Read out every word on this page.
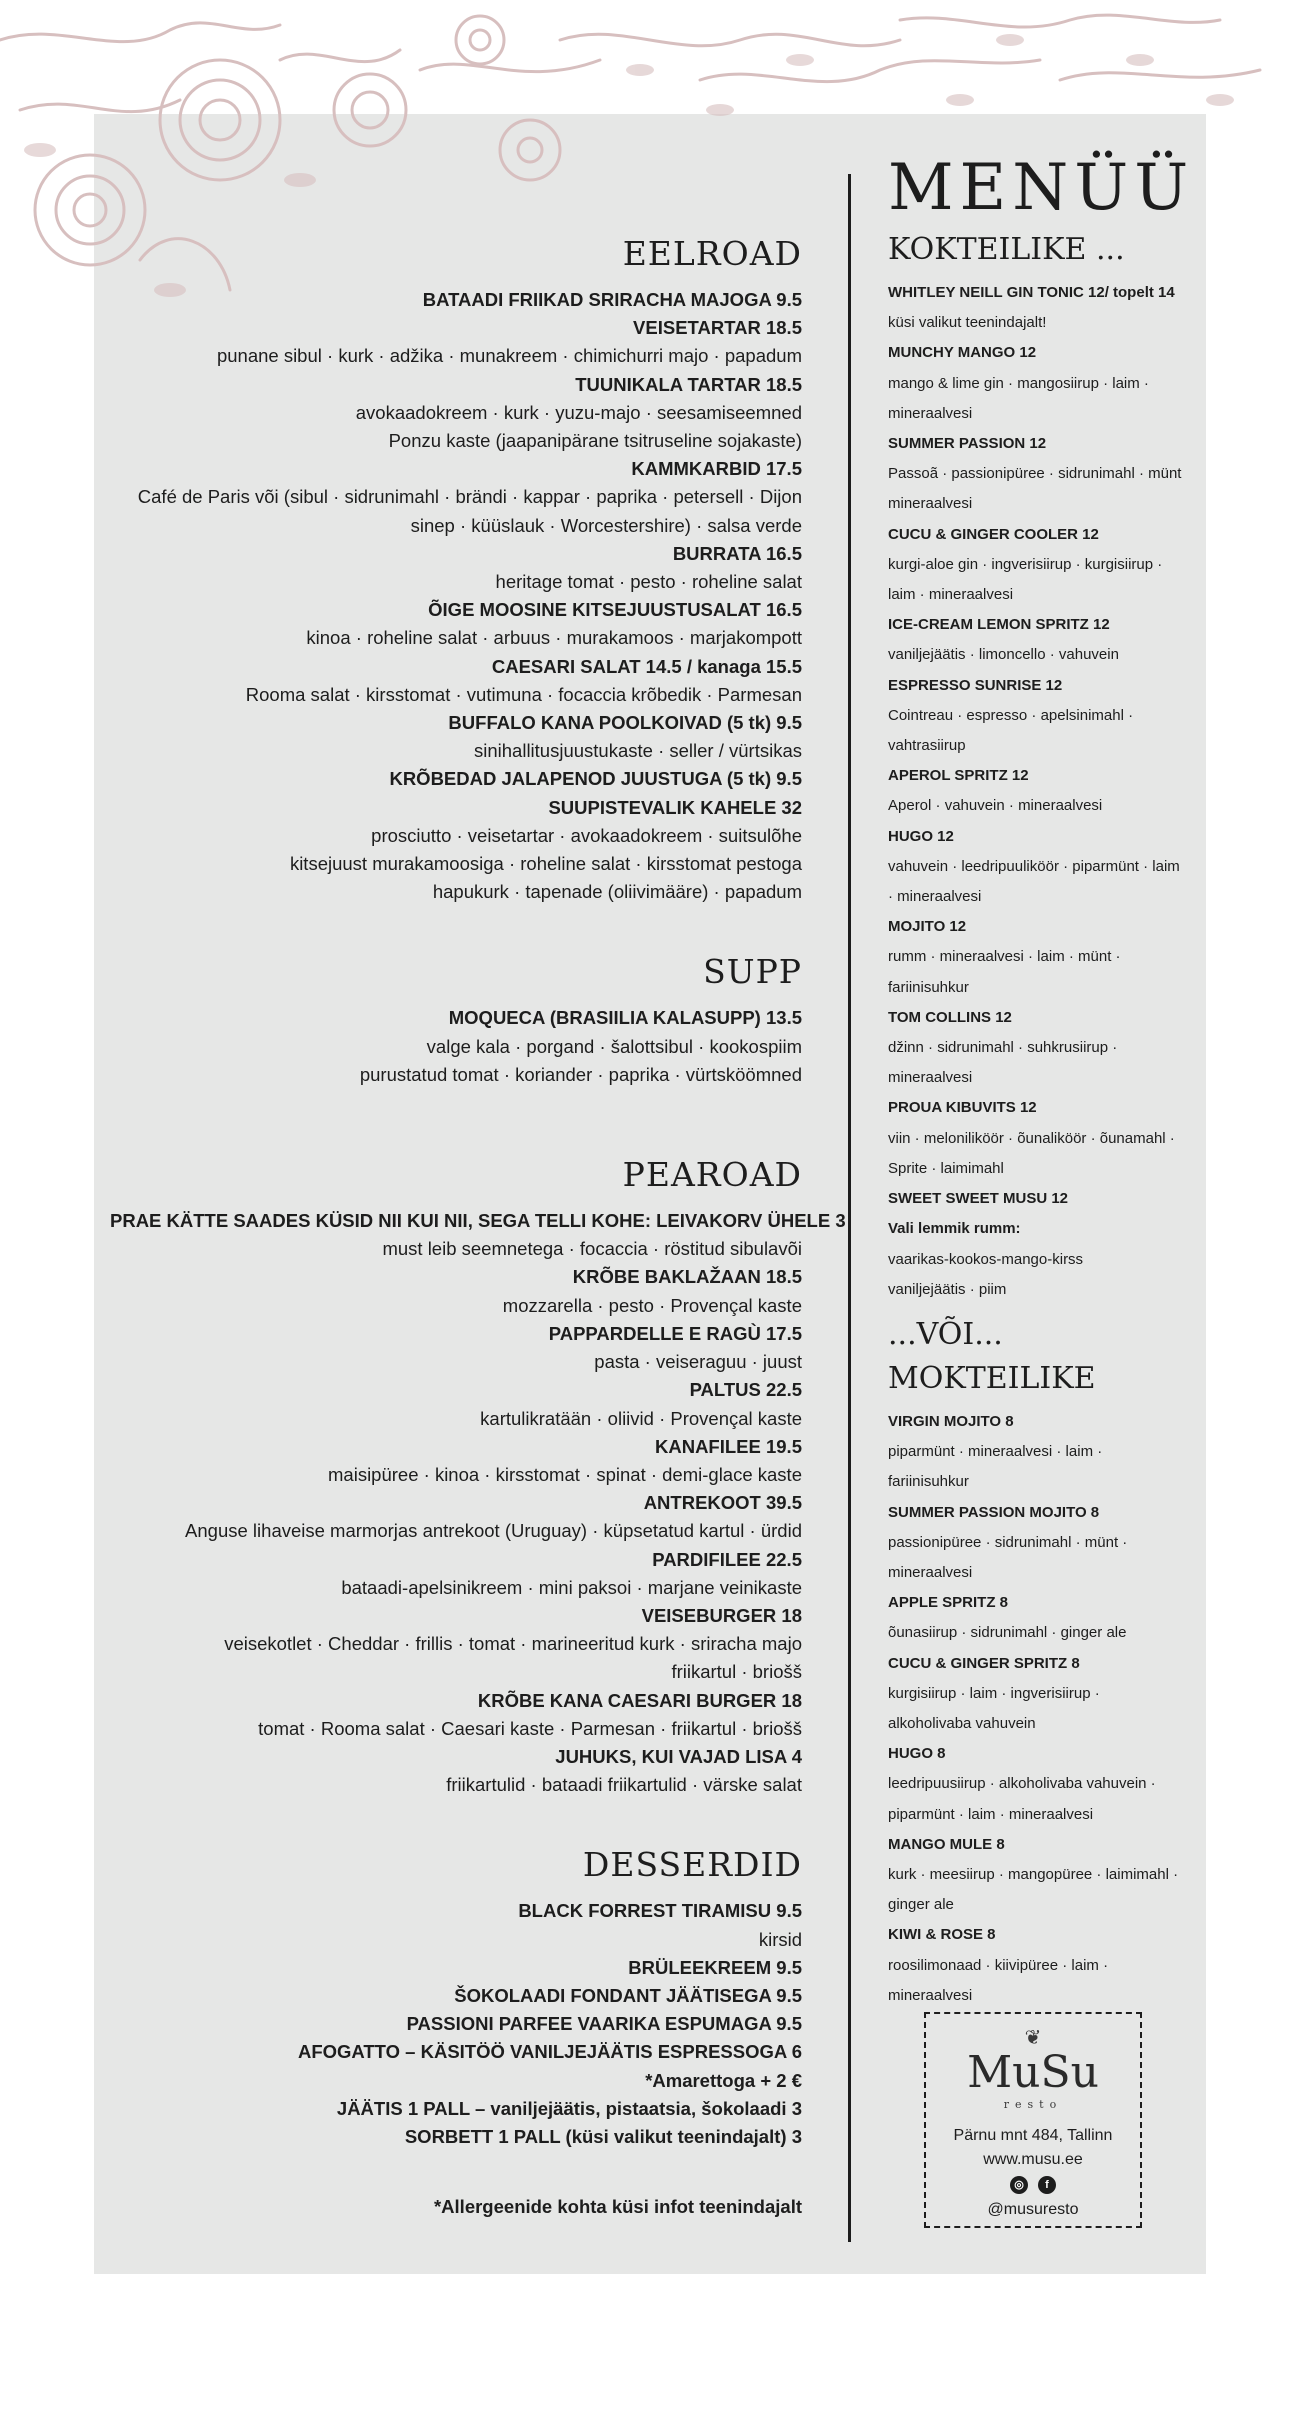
EELROAD
BATAADI FRIIKAD SRIRACHA MAJOGA 9.5
VEISETARTAR 18.5
punane sibul · kurk · adžika · munakreem · chimichurri majo · papadum
TUUNIKALA TARTAR 18.5
avokaadokreem · kurk · yuzu-majo · seesamiseemned
Ponzu kaste (jaapanipärane tsitruseline sojakaste)
KAMMKARBID 17.5
Café de Paris või (sibul · sidrunimahl · brändi · kappar · paprika · petersell · Dijon
sinep · küüslauk · Worcestershire) · salsa verde
BURRATA 16.5
heritage tomat · pesto · roheline salat
ÕIGE MOOSINE KITSEJUUSTUSALAT 16.5
kinoa · roheline salat · arbuus · murakamoos · marjakompott
CAESARI SALAT 14.5 / kanaga 15.5
Rooma salat · kirsstomat · vutimuna · focaccia krõbedik · Parmesan
BUFFALO KANA POOLKOIVAD (5 tk) 9.5
sinihallitusjuustukaste · seller / vürtsikas
KRÕBEDAD JALAPENOD JUUSTUGA (5 tk) 9.5
SUUPISTEVALIK KAHELE 32
prosciutto · veisetartar · avokaadokreem · suitsulõhe
kitsejuust murakamoosiga · roheline salat · kirsstomat pestoga
hapukurk · tapenade (oliivimääre) · papadum
SUPP
MOQUECA (BRASIILIA KALASUPP) 13.5
valge kala · porgand · šalottsibul · kookospiim
purustatud tomat · koriander · paprika · vürtsköömned
PEAROAD
PRAE KÄTTE SAADES KÜSID NII KUI NII, SEGA TELLI KOHE: LEIVAKORV ÜHELE 3
must leib seemnetega · focaccia · röstitud sibulavõi
KRÕBE BAKLAŽAAN 18.5
mozzarella · pesto · Provençal kaste
PAPPARDELLE E RAGÙ 17.5
pasta · veiseraguu · juust
PALTUS 22.5
kartulikratään · oliivid · Provençal kaste
KANAFILEE 19.5
maisipüree · kinoa · kirsstomat · spinat · demi-glace kaste
ANTREKOOT 39.5
Anguse lihaveise marmorjas antrekoot (Uruguay) · küpsetatud kartul · ürdid
PARDIFILEE 22.5
bataadi-apelsinikreem · mini paksoi · marjane veinikaste
VEISEBURGER 18
veisekotlet · Cheddar · frillis · tomat · marineeritud kurk · sriracha majo
friikartul · briošš
KRÕBE KANA CAESARI BURGER 18
tomat · Rooma salat · Caesari kaste · Parmesan · friikartul · briošš
JUHUKS, KUI VAJAD LISA 4
friikartulid · bataadi friikartulid · värske salat
DESSERDID
BLACK FORREST TIRAMISU 9.5
kirsid
BRÜLEEKREEM 9.5
ŠOKOLAADI FONDANT JÄÄTISEGA 9.5
PASSIONI PARFEE VAARIKA ESPUMAGA 9.5
AFOGATTO – KÄSITÖÖ VANILJEJÄÄTIS ESPRESSOGA 6
*Amarettoga + 2 €
JÄÄTIS 1 PALL – vaniljejäätis, pistaatsia, šokolaadi 3
SORBETT 1 PALL (küsi valikut teenindajalt) 3
*Allergeenide kohta küsi infot teenindajalt
MENÜÜ
KOKTEILIKE ...
WHITLEY NEILL GIN TONIC 12/ topelt 14
küsi valikut teenindajalt!
MUNCHY MANGO 12
mango & lime gin · mangosiirup · laim ·
mineraalvesi
SUMMER PASSION 12
Passoã · passionipüree · sidrunimahl · münt
mineraalvesi
CUCU & GINGER COOLER 12
kurgi-aloe gin · ingverisiirup · kurgisiirup ·
laim · mineraalvesi
ICE-CREAM LEMON SPRITZ 12
vaniljejäätis · limoncello · vahuvein
ESPRESSO SUNRISE 12
Cointreau · espresso · apelsinimahl ·
vahtrasiirup
APEROL SPRITZ 12
Aperol · vahuvein · mineraalvesi
HUGO 12
vahuvein · leedripuuliköör · piparmünt · laim
· mineraalvesi
MOJITO 12
rumm · mineraalvesi · laim · münt ·
fariinisuhkur
TOM COLLINS 12
džinn · sidrunimahl · suhkrusiirup ·
mineraalvesi
PROUA KIBUVITS 12
viin · meloniliköör · õunaliköör · õunamahl ·
Sprite · laimimahl
SWEET SWEET MUSU 12
Vali lemmik rumm:
vaarikas-kookos-mango-kirss
vaniljejäätis · piim
...VÕI... MOKTEILIKE
VIRGIN MOJITO 8
piparmünt · mineraalvesi · laim ·
fariinisuhkur
SUMMER PASSION MOJITO 8
passionipüree · sidrunimahl · münt ·
mineraalvesi
APPLE SPRITZ 8
õunasiirup · sidrunimahl · ginger ale
CUCU & GINGER SPRITZ 8
kurgisiirup · laim · ingverisiirup ·
alkoholivaba vahuvein
HUGO 8
leedripuusiirup · alkoholivaba vahuvein ·
piparmünt · laim · mineraalvesi
MANGO MULE 8
kurk · meesiirup · mangopüree · laimimahl ·
ginger ale
KIWI & ROSE 8
roosilimonaad · kiivipüree · laim ·
mineraalvesi
❦
MuSu
resto
Pärnu mnt 484, Tallinn
www.musu.ee
◎	f
@musuresto
